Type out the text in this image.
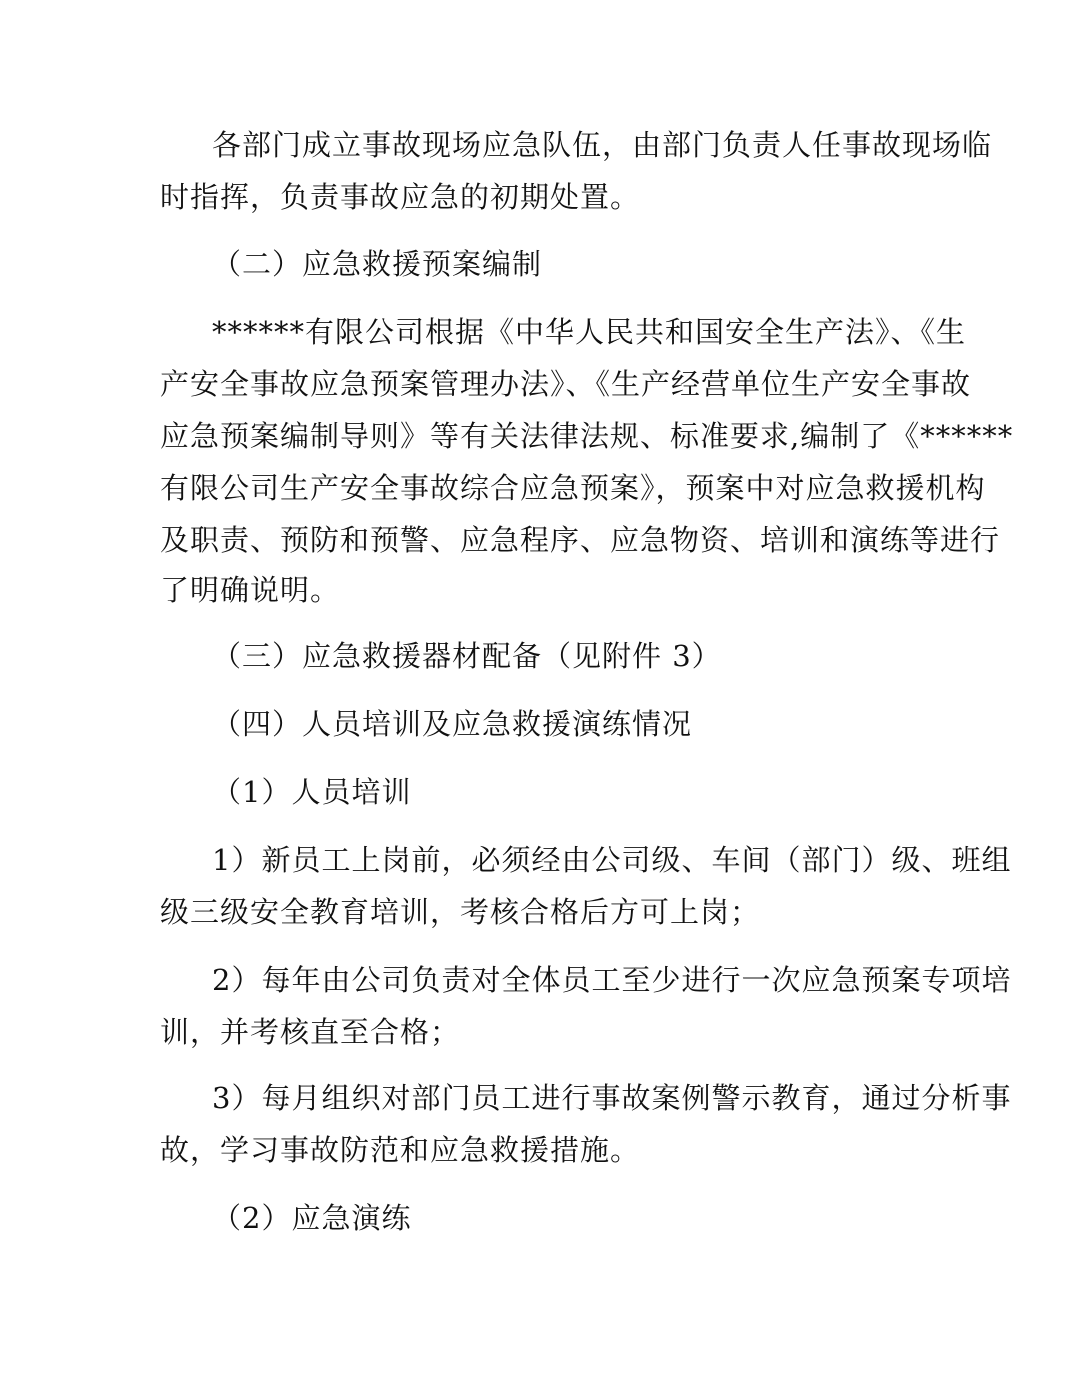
各部门成立事故现场应急队伍，由部门负责人任事故现场临
时指挥，负责事故应急的初期处置。
（二）应急救援预案编制
******有限公司根据《中华人民共和国安全生产法》、《生
产安全事故应急预案管理办法》、《生产经营单位生产安全事故
应急预案编制导则》等有关法律法规、标准要求,编制了《******
有限公司生产安全事故综合应急预案》，预案中对应急救援机构
及职责、预防和预警、应急程序、应急物资、培训和演练等进行
了明确说明。
（三）应急救援器材配备（见附件 3）
（四）人员培训及应急救援演练情况
（1）人员培训
1）新员工上岗前，必须经由公司级、车间（部门）级、班组
级三级安全教育培训，考核合格后方可上岗；
2）每年由公司负责对全体员工至少进行一次应急预案专项培
训，并考核直至合格；
3）每月组织对部门员工进行事故案例警示教育，通过分析事
故，学习事故防范和应急救援措施。
（2）应急演练
